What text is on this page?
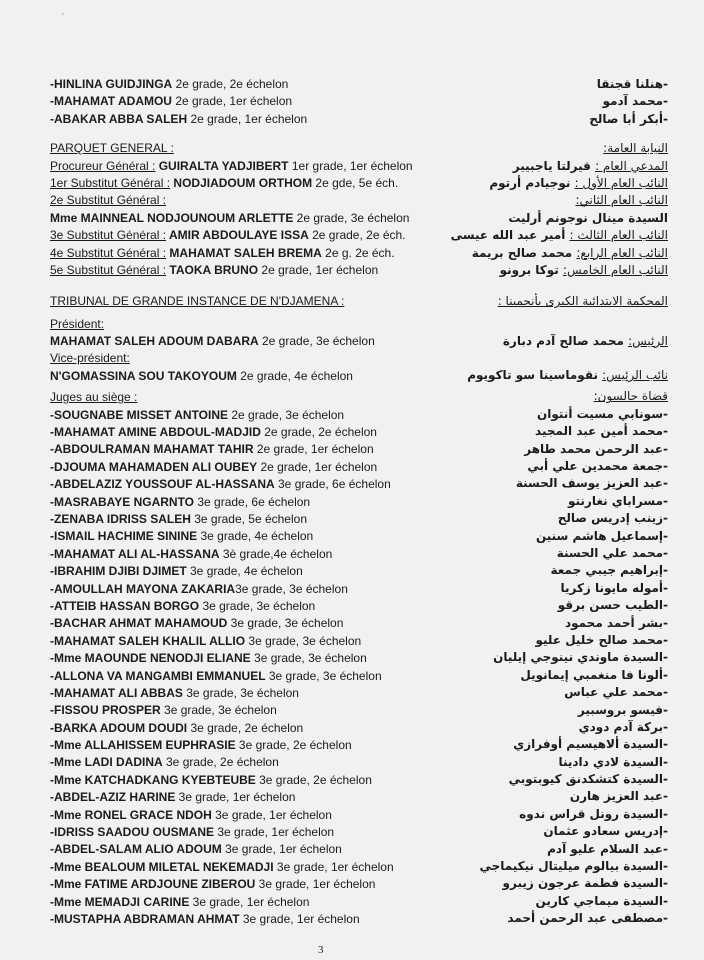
'
-HINLINA GUIDJINGA 2e grade, 2e échelon
-MAHAMAT ADAMOU 2e grade, 1er échelon
-ABAKAR ABBA SALEH 2e grade, 1er échelon
PARQUET GENERAL :
Procureur Général : GUIRALTA YADJIBERT 1er grade, 1er échelon
1er Substitut Général : NODJIADOUM ORTHOM 2e gde, 5e éch.
2e Substitut Général :
Mme MAINNEAL NODJOUNOUM ARLETTE 2e grade, 3e échelon
3e Substitut Général : AMIR ABDOULAYE ISSA 2e grade, 2e éch.
4e Substitut Général : MAHAMAT SALEH BREMA 2e g. 2e éch.
5e Substitut Général : TAOKA BRUNO 2e grade, 1er échelon
TRIBUNAL DE GRANDE INSTANCE DE N'DJAMENA :
Président:
MAHAMAT SALEH ADOUM DABARA 2e grade, 3e échelon
Vice-président:
N'GOMASSINA SOU TAKOYOUM 2e grade, 4e échelon
Juges au siège :
-SOUGNABE MISSET ANTOINE 2e grade, 3e échelon
-MAHAMAT AMINE ABDOUL-MADJID 2e grade, 2e échelon
-ABDOULRAMAN MAHAMAT TAHIR 2e grade, 1er échelon
-DJOUMA MAHAMADEN ALI OUBEY 2e grade, 1er échelon
-ABDELAZIZ YOUSSOUF AL-HASSANA 3e grade, 6e échelon
-MASRABAYE NGARNTO 3e grade, 6e échelon
-ZENABA IDRISS SALEH 3e grade, 5e échelon
-ISMAIL HACHIME SININE 3e grade, 4e échelon
-MAHAMAT ALI AL-HASSANA 3è grade,4e échelon
-IBRAHIM DJIBI DJIMET 3e grade, 4e échelon
-AMOULLAH MAYONA ZAKARIA3e grade, 3e échelon
-ATTEIB HASSAN BORGO 3e grade, 3e échelon
-BACHAR AHMAT MAHAMOUD 3e grade, 3e échelon
-MAHAMAT SALEH KHALIL ALLIO 3e grade, 3e échelon
-Mme MAOUNDE NENODJI ELIANE 3e grade, 3e échelon
-ALLONA VA MANGAMBI EMMANUEL 3e grade, 3e échelon
-MAHAMAT ALI ABBAS 3e grade, 3e échelon
-FISSOU PROSPER 3e grade, 3e échelon
-BARKA ADOUM DOUDI 3e grade, 2e échelon
-Mme ALLAHISSEM EUPHRASIE 3e grade, 2e échelon
-Mme LADI DADINA 3e grade, 2e échelon
-Mme KATCHADKANG KYEBTEUBE 3e grade, 2e échelon
-ABDEL-AZIZ HARINE 3e grade, 1er échelon
-Mme RONEL GRACE NDOH 3e grade, 1er échelon
-IDRISS SAADOU OUSMANE 3e grade, 1er échelon
-ABDEL-SALAM ALIO ADOUM 3e grade, 1er échelon
-Mme BEALOUM MILETAL NEKEMADJI 3e grade, 1er échelon
-Mme FATIME ARDJOUNE ZIBEROU 3e grade, 1er échelon
-Mme MEMADJI CARINE 3e grade, 1er échelon
-MUSTAPHA ABDRAMAN AHMAT 3e grade, 1er échelon
-هنلنا قجنقا
-محمد آدمو
-أبكر أبا صالح
النيابة العامة:
المدعي العام : قيرلتا ياجبيير
النائب العام الأول : نوجيادم أرتوم
النائب العام الثاني:
السيدة مينال نوجونم أرليت
النائب العام الثالث : أمير عبد الله عيسى
النائب العام الرابع: محمد صالح بريمة
النائب العام الخامس: توكا برونو
المحكمة الابتدائية الكبرى بأنجمينا :
الرئيس: محمد صالح آدم دبارة
نائب الرئيس: نقوماسينا سو تاكويوم
قضاة جالسون:
-سونابي مسيت أنتوان
-محمد أمين عبد المجيد
-عبد الرحمن محمد طاهر
-جمعة محمدين علي أبي
-عبد العزيز يوسف الحسنة
-مسراباي نغارنتو
-زينب إدريس صالح
-إسماعيل هاشم سنين
-محمد علي الحسنة
-إبراهيم جيبي جمعة
-أموله مايونا زكريا
-الطيب حسن برقو
-بشر أحمد محمود
-محمد صالح خليل عليو
-السيدة ماوندي نينوجي إيليان
-ألونا فا منغمبي إيمانويل
-محمد علي عباس
-فيسو بروسبير
-بركة آدم دودي
-السيدة ألاهيسيم أوفرازي
-السيدة لادي دادينا
-السيدة كتشكدنق كيوبتوبي
-عبد العزيز هارن
-السيدة رونل قراس ندوه
-إدريس سعادو عثمان
-عبد السلام عليو آدم
-السيدة بيالوم ميليتال نيكيماجي
-السيدة فطمة عرجون زيبرو
-السيدة ميماجي كارين
-مصطفى عبد الرحمن أحمد
3
